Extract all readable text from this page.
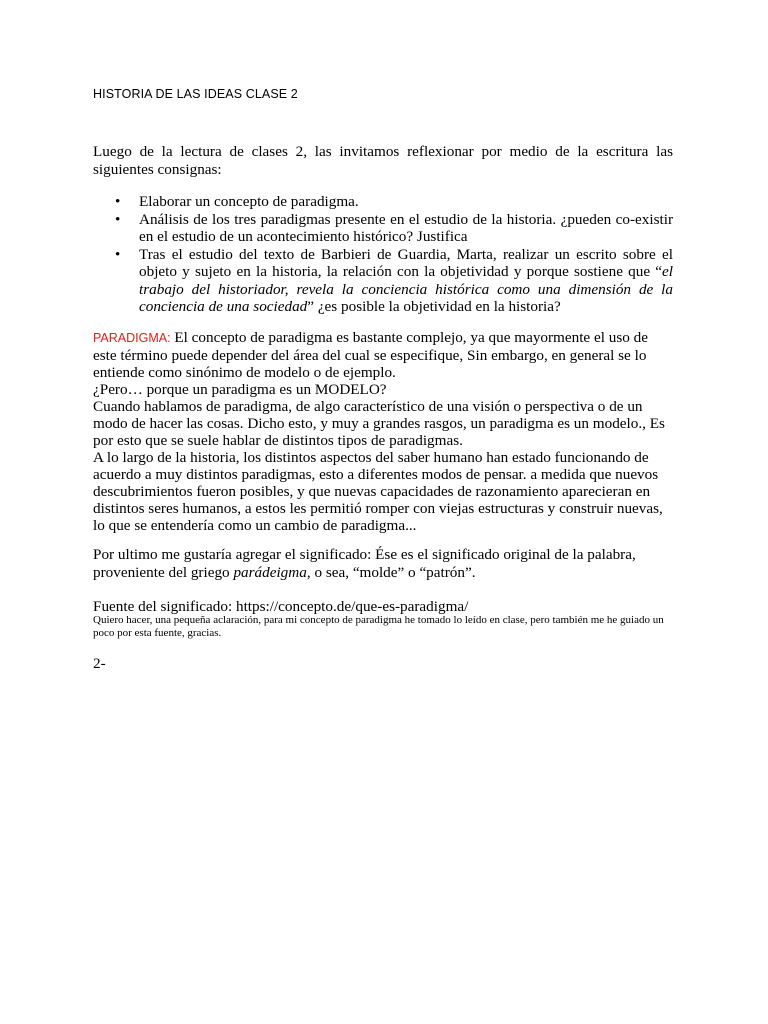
HISTORIA DE LAS IDEAS CLASE 2

Luego de la lectura de clases 2, las invitamos reflexionar por medio de la escritura las siguientes consignas:

• Elaborar un concepto de paradigma.
• Análisis de los tres paradigmas presente en el estudio de la historia. ¿pueden co-existir en el estudio de un acontecimiento histórico? Justifica
• Tras el estudio del texto de Barbieri de Guardia, Marta, realizar un escrito sobre el objeto y sujeto en la historia, la relación con la objetividad y porque sostiene que “el trabajo del historiador, revela la conciencia histórica como una dimensión de la conciencia de una sociedad” ¿es posible la objetividad en la historia?

PARADIGMA: El concepto de paradigma es bastante complejo, ya que mayormente el uso de este término puede depender del área del cual se especifique, Sin embargo, en general se lo entiende como sinónimo de modelo o de ejemplo.
¿Pero… porque un paradigma es un MODELO?
Cuando hablamos de paradigma, de algo característico de una visión o perspectiva o de un modo de hacer las cosas. Dicho esto, y muy a grandes rasgos, un paradigma es un modelo., Es por esto que se suele hablar de distintos tipos de paradigmas.
A lo largo de la historia, los distintos aspectos del saber humano han estado funcionando de acuerdo a muy distintos paradigmas, esto a diferentes modos de pensar. a medida que nuevos descubrimientos fueron posibles, y que nuevas capacidades de razonamiento aparecieran en distintos seres humanos, a estos les permitió romper con viejas estructuras y construir nuevas, lo que se entendería como un cambio de paradigma...

Por ultimo me gustaría agregar el significado: Ése es el significado original de la palabra, proveniente del griego parádeigma, o sea, “molde” o “patrón”.

Fuente del significado: https://concepto.de/que-es-paradigma/

Quiero hacer, una pequeña aclaración, para mi concepto de paradigma he tomado lo leído en clase, pero también me he guiado un poco por esta fuente, gracias.

2-
